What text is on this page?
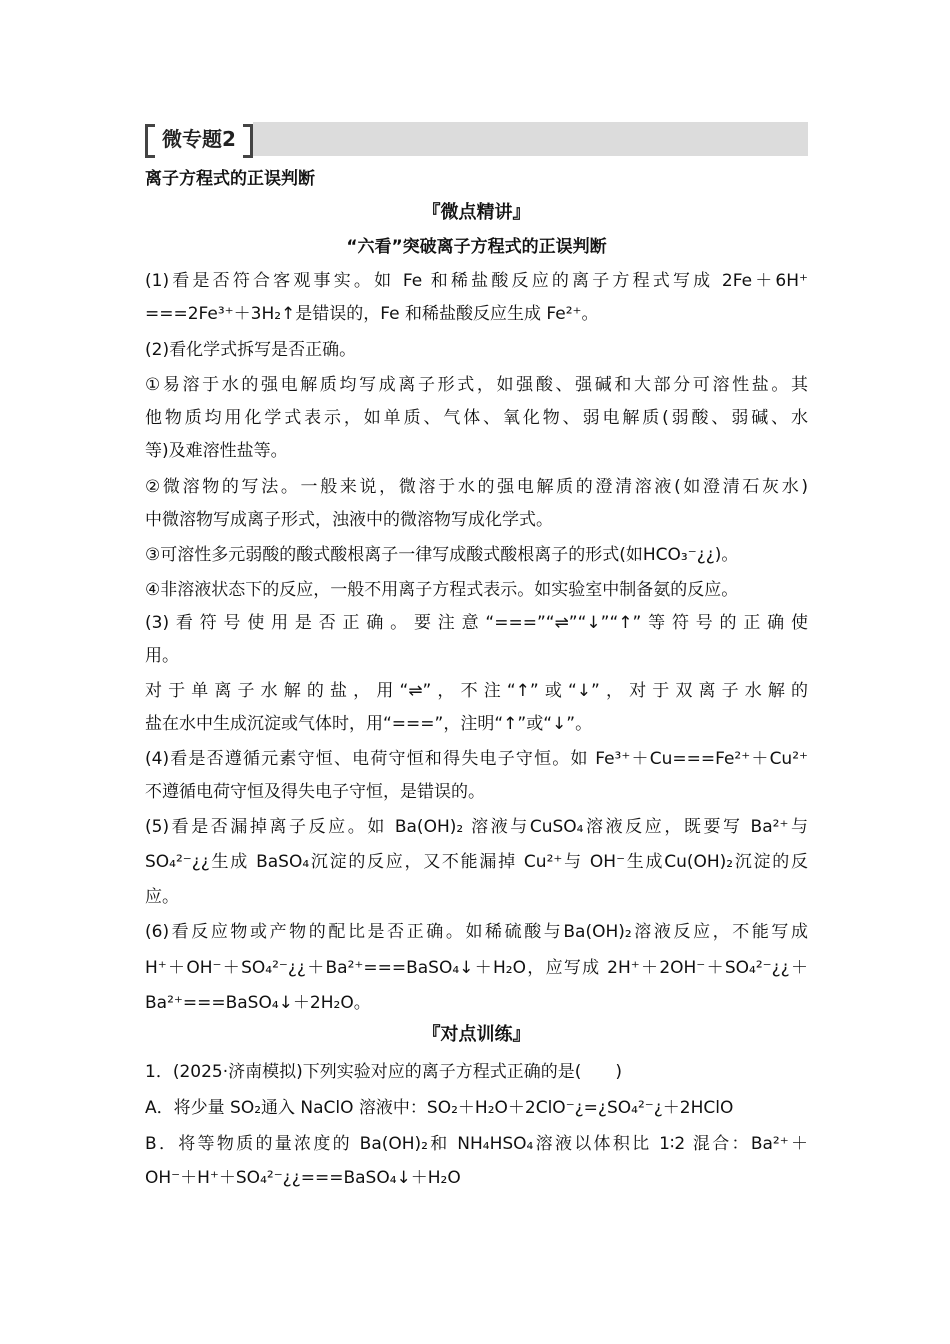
微专题2
离子方程式的正误判断
『微点精讲』
“六看”突破离子方程式的正误判断
(1)看是否符合客观事实。如 Fe 和稀盐酸反应的离子方程式写成 2Fe＋6H⁺
===2Fe³⁺＋3H₂↑是错误的，Fe 和稀盐酸反应生成 Fe²⁺。
(2)看化学式拆写是否正确。
①易溶于水的强电解质均写成离子形式，如强酸、强碱和大部分可溶性盐。其
他物质均用化学式表示，如单质、气体、氧化物、弱电解质(弱酸、弱碱、水
等)及难溶性盐等。
②微溶物的写法。一般来说，微溶于水的强电解质的澄清溶液(如澄清石灰水)
中微溶物写成离子形式，浊液中的微溶物写成化学式。
③可溶性多元弱酸的酸式酸根离子一律写成酸式酸根离子的形式(如HCO₃⁻¿¿)。
④非溶液状态下的反应，一般不用离子方程式表示。如实验室中制备氨的反应。
(3)看符号使用是否正确。要注意“===”“⇌”“↓”“↑”等符号的正确使
用。
对于单离子水解的盐，用“⇌”，不注“↑”或“↓”，对于双离子水解的
盐在水中生成沉淀或气体时，用“===”，注明“↑”或“↓”。
(4)看是否遵循元素守恒、电荷守恒和得失电子守恒。如 Fe³⁺＋Cu===Fe²⁺＋Cu²⁺
不遵循电荷守恒及得失电子守恒，是错误的。
(5)看是否漏掉离子反应。如 Ba(OH)₂ 溶液与CuSO₄溶液反应，既要写 Ba²⁺与
SO₄²⁻¿¿生成 BaSO₄沉淀的反应，又不能漏掉 Cu²⁺与 OH⁻生成Cu(OH)₂沉淀的反
应。
(6)看反应物或产物的配比是否正确。如稀硫酸与Ba(OH)₂溶液反应，不能写成
H⁺＋OH⁻＋SO₄²⁻¿¿＋Ba²⁺===BaSO₄↓＋H₂O，应写成 2H⁺＋2OH⁻＋SO₄²⁻¿¿＋
Ba²⁺===BaSO₄↓＋2H₂O。
『对点训练』
1．(2025·济南模拟)下列实验对应的离子方程式正确的是(　　)
A．将少量 SO₂通入 NaClO 溶液中：SO₂＋H₂O＋2ClO⁻¿=¿SO₄²⁻¿＋2HClO
B．将等物质的量浓度的 Ba(OH)₂和 NH₄HSO₄溶液以体积比 1∶2 混合：Ba²⁺＋
OH⁻＋H⁺＋SO₄²⁻¿¿===BaSO₄↓＋H₂O
